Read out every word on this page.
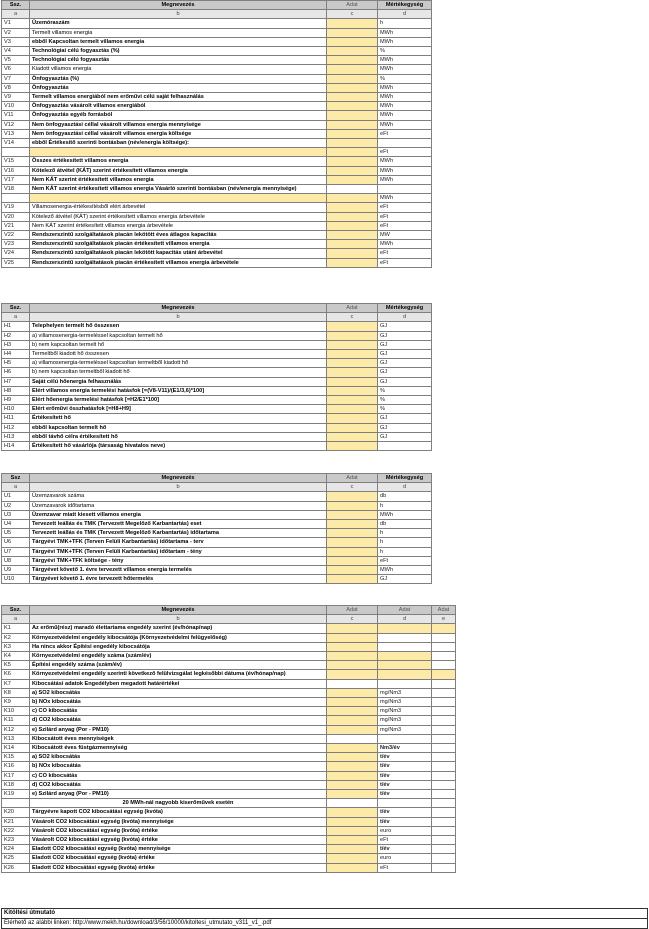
Ssz.	Megnevezés	Adat	Mértékegység
a	b	c	d
V1	Üzemóraszám		h
V2	Termelt villamos energia		MWh
V3	ebből Kapcsoltan termelt villamos energia		MWh
V4	Technológiai célú fogyasztás (%)		%
V5	Technológiai célú fogyasztás		MWh
V6	Kiadott villamos energia		MWh
V7	Önfogyasztás (%)		%
V8	Önfogyasztás		MWh
V9	Termelt villamos energiából nem erőművi célú saját felhasználás		MWh
V10	Önfogyasztás vásárolt villamos energiából		MWh
V11	Önfogyasztás egyéb forrásból		MWh
V12	Nem önfogyasztási céllal vásárolt villamos energia mennyisége		MWh
V13	Nem önfogyasztási céllal vásárolt villamos energia költsége		eFt
V14	ebből Értékesítő szerinti bontásban (név/energia költsége):		
			eFt
V15	Összes értékesített villamos energia		MWh
V16	Kötelező átvétel (KÁT) szerint értékesített villamos energia		MWh
V17	Nem KÁT szerint értékesített villamos energia		MWh
V18	Nem KÁT szerint értékesített villamos energia Vásárló szerinti bontásban (név/energia mennyisége)		
			MWh
V19	Villamosenergia-értékesítésből elért árbevétel		eFt
V20	Kötelező átvétel (KÁT) szerint értékesített villamos energia árbevétele		eFt
V21	Nem KÁT szerint értékesített villamos energia árbevétele		eFt
V22	Rendszerszintű szolgáltatások piacán lekötött éves átlagos kapacitás		MW
V23	Rendszerszintű szolgáltatások piacán értékesített villamos energia		MWh
V24	Rendszerszintű szolgáltatások piacán lekötött kapacitás utáni árbevétel		eFt
V25	Rendszerszintű szolgáltatások piacán értékesített villamos energia árbevétele		eFt
Ssz.	Megnevezés	Adat	Mértékegység
a	b	c	d
H1	Telephelyen termelt hő összesen		GJ
H2	a) villamosenergia-termeléssel kapcsoltan termelt hő		GJ
H3	b) nem kapcsoltan termelt hő		GJ
H4	Termeltből kiadott hő összesen		GJ
H5	a) villamosenergia-termeléssel kapcsoltan termeltből kiadott hő		GJ
H6	b) nem kapcsoltan termeltből kiadott hő		GJ
H7	Saját célú hőenergia felhasználás		GJ
H8	Elért villamos energia termelési hatásfok [=(V8-V11)/(E1/3,6)*100]		%
H9	Elért hőenergia termelési hatásfok [=H2/E1*100]		%
H10	Elért erőművi összhatásfok [=H8+H9]		%
H11	Értékesített hő		GJ
H12	ebből kapcsoltan termelt hő		GJ
H13	ebből távhő célra értékesített hő		GJ
H14	Értékesített hő vásárlója (társaság hivatalos neve)		
Ssz	Megnevezés	Adat	Mértékegység
a	b	c	d
U1	Üzemzavarok száma		db
U2	Üzemzavarok időtartama		h
U3	Üzemzavar miatt kiesett villamos energia		MWh
U4	Tervezett leállás és TMK (Tervezett Megelőző Karbantartás) eset		db
U5	Tervezett leállás és TMK (Tervezett Megelőző Karbantartás) időtartama		h
U6	Tárgyévi TMK+TFK (Terven Felüli Karbantartás) időtartama - terv		h
U7	Tárgyévi TMK+TFK (Terven Felüli Karbantartás) időtartam - tény		h
U8	Tárgyévi TMK+TFK költsége - tény		eFt
U9	Tárgyévet követő 1. évre tervezett villamos energia termelés		MWh
U10	Tárgyévet követő 1. évre tervezett hőtermelés		GJ
Ssz.	Megnevezés	Adat	Adat	Adat
a	b	c	d	e
K1	Az erőmű(rész) maradó élettartama engedély szerint (év/hónap/nap)			
K2	Környezetvédelmi engedély kibocsátója (Környezetvédelmi felügyelőség)			
K3	Ha nincs akkor Építési engedély kibocsátója			
K4	Környezetvédelmi engedély száma (szám/év)			
K5	Építési engedély száma (szám/év)			
K6	Környezetvédelmi engedély szerinti következő felülvizsgálat legkésőbbi dátuma (év/hónap/nap)			
K7	Kibocsátási adatok Engedélyben megadott határértékei			
K8	a) SO2 kibocsátás		mg/Nm3	
K9	b) NOx kibocsátás		mg/Nm3	
K10	c) CO kibocsátás		mg/Nm3	
K11	d) CO2 kibocsátás		mg/Nm3	
K12	e) Szilárd anyag (Por - PM10)		mg/Nm3	
K13	Kibocsátott éves mennyiségek			
K14	Kibocsátott éves füstgázmennyiség		Nm3/év	
K15	a) SO2 kibocsátás		t/év	
K16	b) NOx kibocsátás		t/év	
K17	c) CO kibocsátás		t/év	
K18	d) CO2 kibocsátás		t/év	
K19	e) Szilárd anyag (Por - PM10)		t/év	
	20 MWh-nál nagyobb kiserőművek esetén			
K20	Tárgyévre kapott CO2 kibocsátási egység (kvóta)		t/év	
K21	Vásárolt CO2 kibocsátási egység (kvóta) mennyisége		t/év	
K22	Vásárolt CO2 kibocsátási egység (kvóta) értéke		euro	
K23	Vásárolt CO2 kibocsátási egység (kvóta) értéke		eFt	
K24	Eladott CO2 kibocsátási egység (kvóta) mennyisége		t/év	
K25	Eladott CO2 kibocsátási egység (kvóta) értéke		euro	
K26	Eladott CO2 kibocsátási egység (kvóta) értéke		eFt	
Kitöltési útmutató
Elérhető az alábbi linken: http://www.mekh.hu/download/3/56/10000/kitoltesi_utmutato_v311_v1_.pdf
